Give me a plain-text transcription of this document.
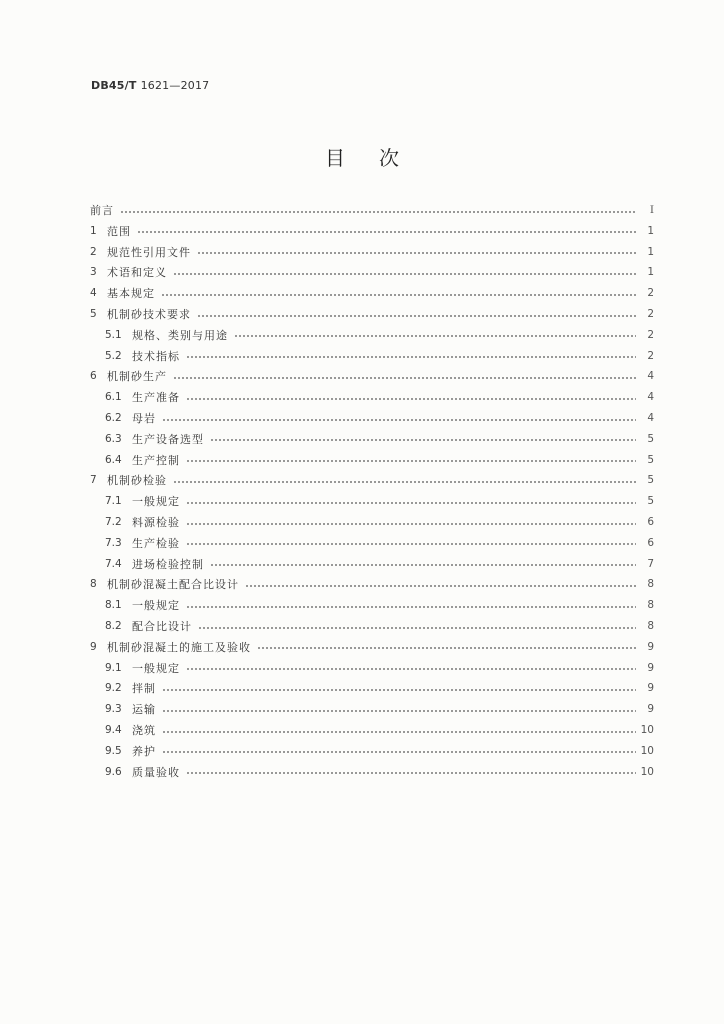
DB45/T 1621—2017
目次
前言	Ⅰ
1 范围	1
2 规范性引用文件	1
3 术语和定义	1
4 基本规定	2
5 机制砂技术要求	2
5.1 规格、类别与用途	2
5.2 技术指标	2
6 机制砂生产	4
6.1 生产准备	4
6.2 母岩	4
6.3 生产设备选型	5
6.4 生产控制	5
7 机制砂检验	5
7.1 一般规定	5
7.2 料源检验	6
7.3 生产检验	6
7.4 进场检验控制	7
8 机制砂混凝土配合比设计	8
8.1 一般规定	8
8.2 配合比设计	8
9 机制砂混凝土的施工及验收	9
9.1 一般规定	9
9.2 拌制	9
9.3 运输	9
9.4 浇筑	10
9.5 养护	10
9.6 质量验收	10
